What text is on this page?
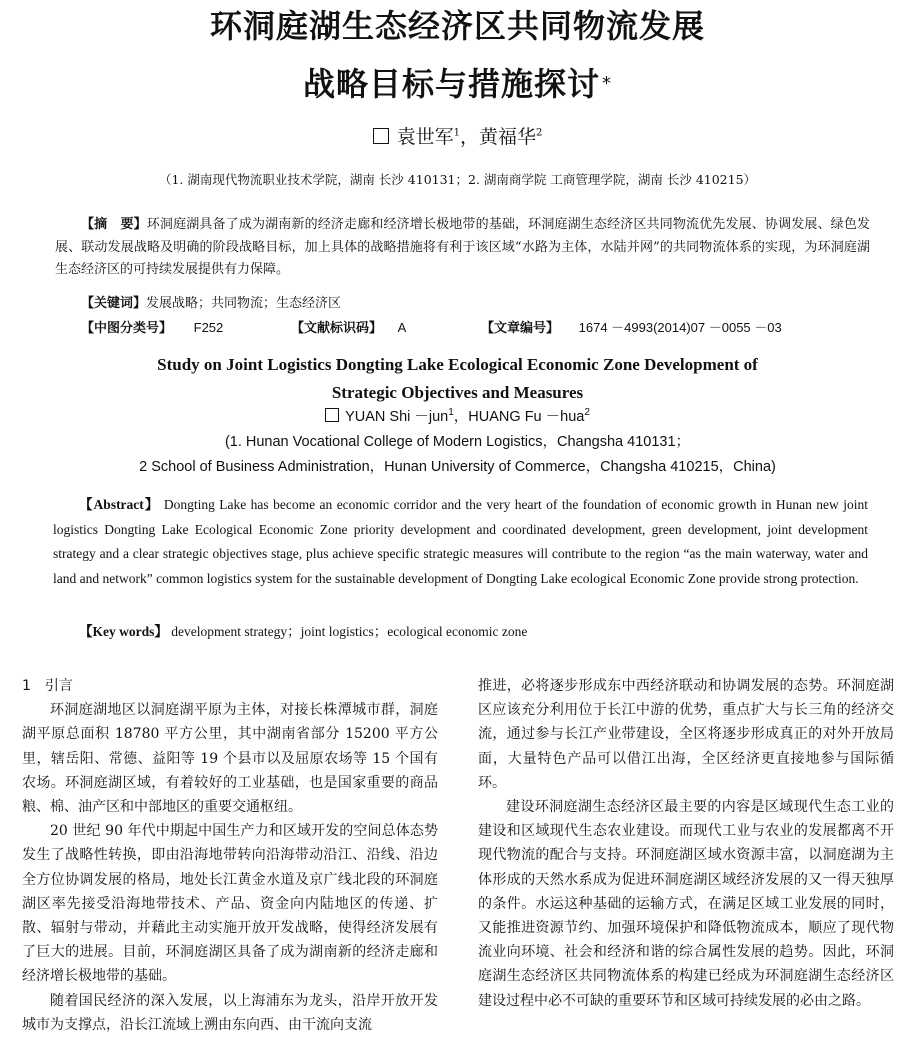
环洞庭湖生态经济区共同物流发展
战略目标与措施探讨 *
袁世军$^1$，黄福华$^2$
（1. 湖南现代物流职业技术学院，湖南 长沙 410131；2. 湖南商学院 工商管理学院，湖南 长沙 410215）
【摘　要】环洞庭湖具备了成为湖南新的经济走廊和经济增长极地带的基础，环洞庭湖生态经济区共同物流优先发展、协调发展、绿色发展、联动发展战略及明确的阶段战略目标，加上具体的战略措施将有利于该区域“水路为主体，水陆并网”的共同物流体系的实现，为环洞庭湖生态经济区的可持续发展提供有力保障。
【关键词】发展战略；共同物流；生态经济区
【中图分类号】 F252	【文献标识码】 A	【文章编号】 1674 －4993(2014)07 －0055 －03
Study on Joint Logistics Dongting Lake Ecological Economic Zone Development of
Strategic Objectives and Measures
YUAN Shi －jun$^1$，HUANG Fu －hua$^2$
(1. Hunan Vocational College of Modern Logistics，Changsha 410131；
2 School of Business Administration，Hunan University of Commerce，Changsha 410215，China)
【Abstract】 Dongting Lake has become an economic corridor and the very heart of the foundation of economic growth in Hunan new joint logistics Dongting Lake Ecological Economic Zone priority development and coordinated development, green development, joint development strategy and a clear strategic objectives stage, plus achieve specific strategic measures will contribute to the region “as the main waterway, water and land and network” common logistics system for the sustainable development of Dongting Lake ecological Economic Zone provide strong protection.
【Key words】 development strategy；joint logistics；ecological economic zone

1　引言

环洞庭湖地区以洞庭湖平原为主体，对接长株潭城市群，洞庭湖平原总面积 18780 平方公里，其中湖南省部分 15200 平方公里，辖岳阳、常德、益阳等 19 个县市以及屈原农场等 15 个国有农场。环洞庭湖区域，有着较好的工业基础，也是国家重要的商品粮、棉、油产区和中部地区的重要交通枢纽。

20 世纪 90 年代中期起中国生产力和区域开发的空间总体态势发生了战略性转换，即由沿海地带转向沿海带动沿江、沿线、沿边全方位协调发展的格局，地处长江黄金水道及京广线北段的环洞庭湖区率先接受沿海地带技术、产品、资金向内陆地区的传递、扩散、辐射与带动，并藉此主动实施开放开发战略，使得经济发展有了巨大的进展。目前，环洞庭湖区具备了成为湖南新的经济走廊和经济增长极地带的基础。

随着国民经济的深入发展，以上海浦东为龙头，沿岸开放开发城市为支撑点，沿长江流域上溯由东向西、由干流向支流

推进，必将逐步形成东中西经济联动和协调发展的态势。环洞庭湖区应该充分利用位于长江中游的优势，重点扩大与长三角的经济交流，通过参与长江产业带建设，全区将逐步形成真正的对外开放局面，大量特色产品可以借江出海，全区经济更直接地参与国际循环。

建设环洞庭湖生态经济区最主要的内容是区域现代生态工业的建设和区域现代生态农业建设。而现代工业与农业的发展都离不开现代物流的配合与支持。环洞庭湖区域水资源丰富，以洞庭湖为主体形成的天然水系成为促进环洞庭湖区域经济发展的又一得天独厚的条件。水运这种基础的运输方式，在满足区域工业发展的同时，又能推进资源节约、加强环境保护和降低物流成本，顺应了现代物流业向环境、社会和经济和谐的综合属性发展的趋势。因此，环洞庭湖生态经济区共同物流体系的构建已经成为环洞庭湖生态经济区建设过程中必不可缺的重要环节和区域可持续发展的必由之路。
